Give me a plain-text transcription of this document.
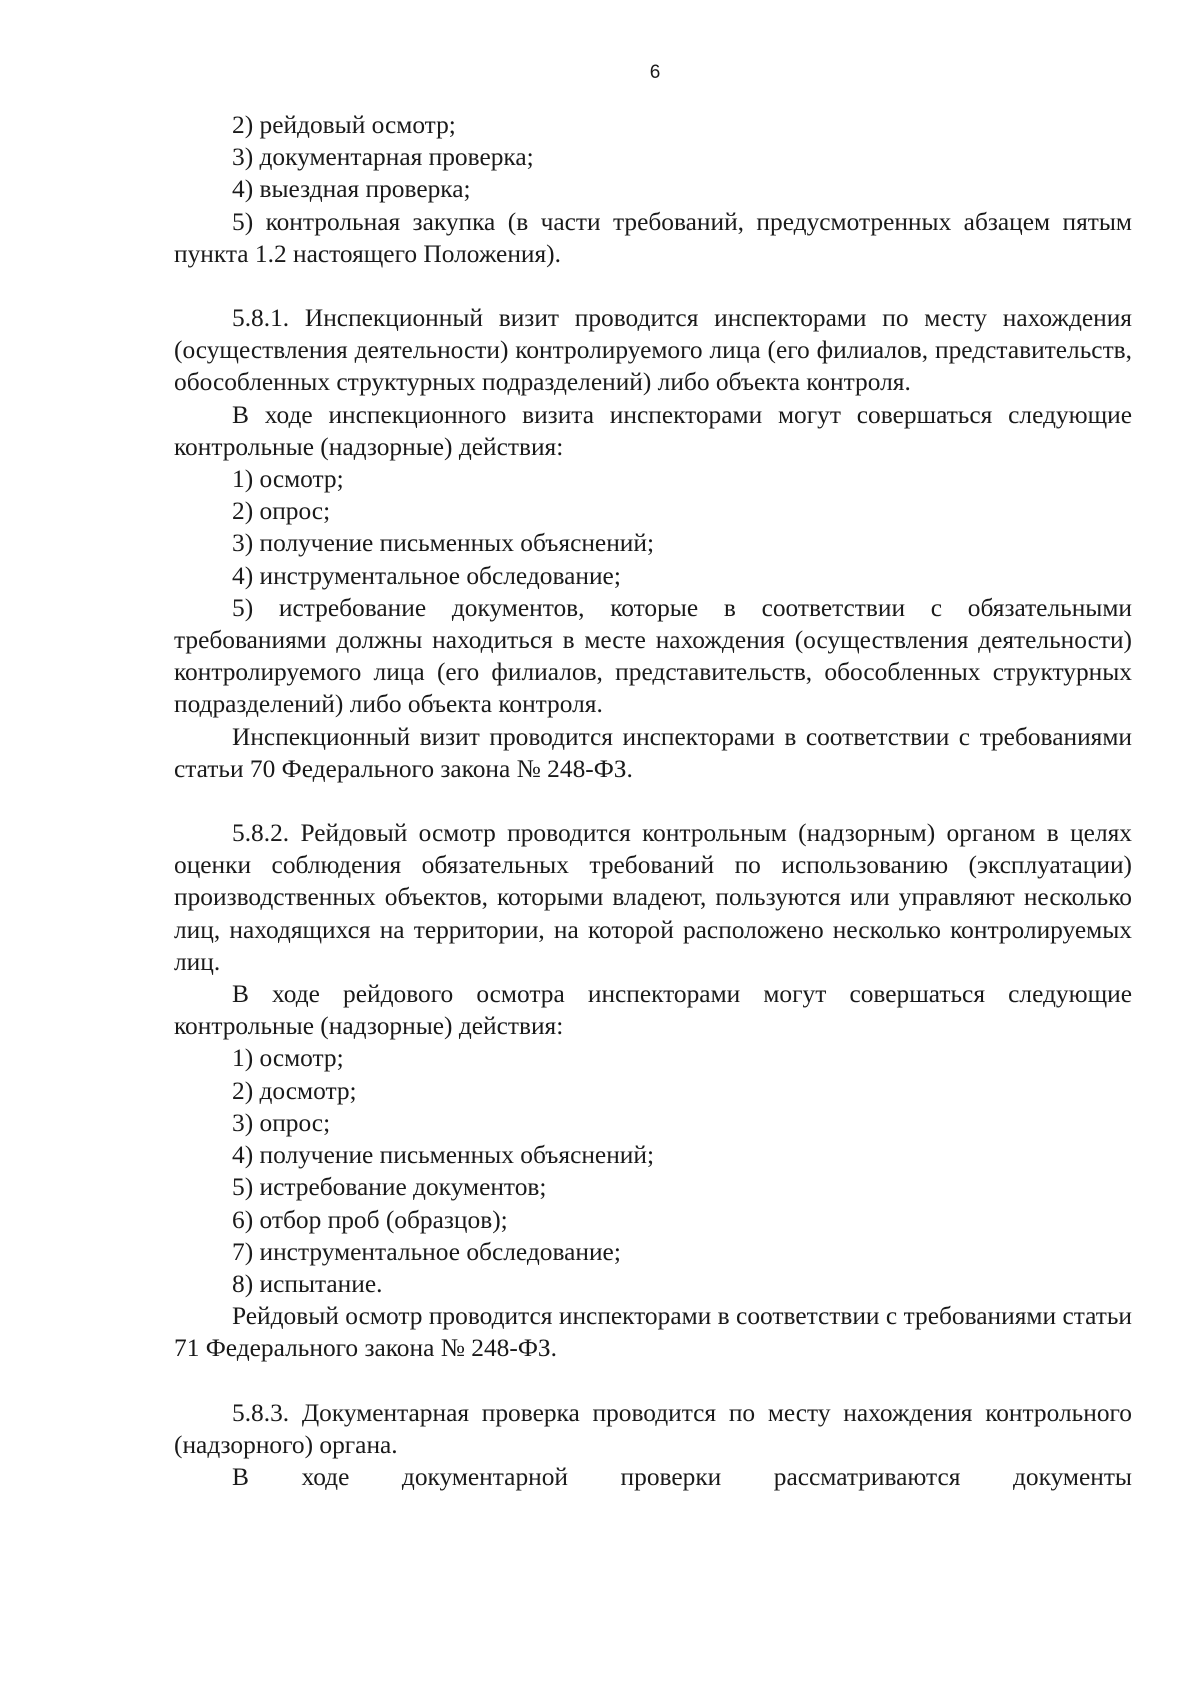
6

2) рейдовый осмотр;

3) документарная проверка;

4) выездная проверка;

5) контрольная закупка (в части требований, предусмотренных абзацем пятым пункта 1.2 настоящего Положения).

5.8.1. Инспекционный визит проводится инспекторами по месту нахождения (осуществления деятельности) контролируемого лица (его филиалов, представительств, обособленных структурных подразделений) либо объекта контроля.

В ходе инспекционного визита инспекторами могут совершаться следующие контрольные (надзорные) действия:

1) осмотр;

2) опрос;

3) получение письменных объяснений;

4) инструментальное обследование;

5) истребование документов, которые в соответствии с обязательными требованиями должны находиться в месте нахождения (осуществления деятельности) контролируемого лица (его филиалов, представительств, обособленных структурных подразделений) либо объекта контроля.

Инспекционный визит проводится инспекторами в соответствии с требованиями статьи 70 Федерального закона № 248-ФЗ.

5.8.2. Рейдовый осмотр проводится контрольным (надзорным) органом в целях оценки соблюдения обязательных требований по использованию (эксплуатации) производственных объектов, которыми владеют, пользуются или управляют несколько лиц, находящихся на территории, на которой расположено несколько контролируемых лиц.

В ходе рейдового осмотра инспекторами могут совершаться следующие контрольные (надзорные) действия:

1) осмотр;

2) досмотр;

3) опрос;

4) получение письменных объяснений;

5) истребование документов;

6) отбор проб (образцов);

7) инструментальное обследование;

8) испытание.

Рейдовый осмотр проводится инспекторами в соответствии с требованиями статьи 71 Федерального закона № 248-ФЗ.

5.8.3. Документарная проверка проводится по месту нахождения контрольного (надзорного) органа.

В ходе документарной проверки рассматриваются документы
